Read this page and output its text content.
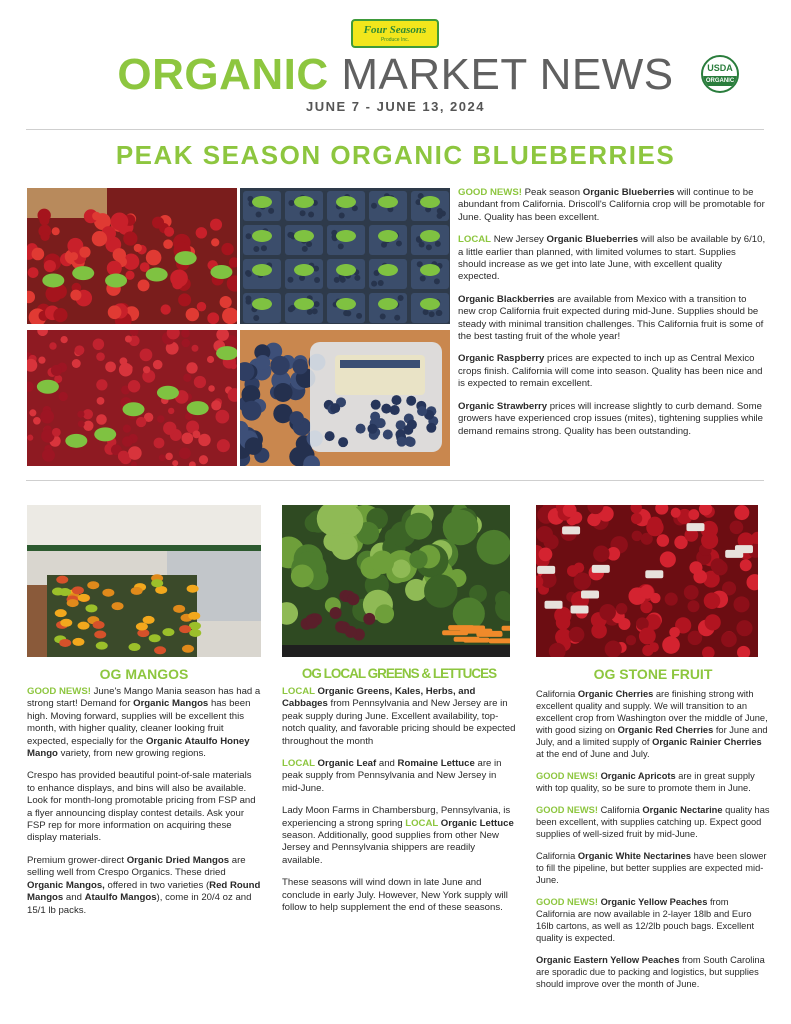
Four Seasons
Produce Inc.
ORGANIC MARKET NEWS	USDA
ORGANIC
JUNE 7 - JUNE 13, 2024
PEAK SEASON ORGANIC BLUEBERRIES

GOOD NEWS! Peak season Organic Blueberries will continue to be abundant from California. Driscoll's California crop will be promotable for June. Quality has been excellent.

LOCAL New Jersey Organic Blueberries will also be available by 6/10, a little earlier than planned, with limited volumes to start. Supplies should increase as we get into late June, with excellent quality expected.

Organic Blackberries are available from Mexico with a transition to new crop California fruit expected during mid-June. Supplies should be steady with minimal transition challenges. This California fruit is some of the best tasting fruit of the whole year!

Organic Raspberry prices are expected to inch up as Central Mexico crops finish. California will come into season. Quality has been nice and is expected to remain excellent.

Organic Strawberry prices will increase slightly to curb demand. Some growers have experienced crop issues (mites), tightening supplies while demand remains strong. Quality has been outstanding.

OG MANGOS	OG LOCAL GREENS & LETTUCES	OG STONE FRUIT

GOOD NEWS! June's Mango Mania season has had a strong start! Demand for Organic Mangos has been high. Moving forward, supplies will be excellent this month, with higher quality, cleaner looking fruit expected, especially for the Organic Ataulfo Honey Mango variety, from new growing regions.

Crespo has provided beautiful point-of-sale materials to enhance displays, and bins will also be available. Look for month-long promotable pricing from FSP and a flyer announcing display contest details. Ask your FSP rep for more information on acquiring these display materials.

Premium grower-direct Organic Dried Mangos are selling well from Crespo Organics. These dried Organic Mangos, offered in two varieties (Red Round Mangos and Ataulfo Mangos), come in 20/4 oz and 15/1 lb packs.

LOCAL Organic Greens, Kales, Herbs, and Cabbages from Pennsylvania and New Jersey are in peak supply during June. Excellent availability, top-notch quality, and favorable pricing should be expected throughout the month

LOCAL Organic Leaf and Romaine Lettuce are in peak supply from Pennsylvania and New Jersey in mid-June.

Lady Moon Farms in Chambersburg, Pennsylvania, is experiencing a strong spring LOCAL Organic Lettuce season. Additionally, good supplies from other New Jersey and Pennsylvania shippers are readily available.

These seasons will wind down in late June and conclude in early July. However, New York supply will follow to help supplement the end of these seasons.

California Organic Cherries are finishing strong with excellent quality and supply. We will transition to an excellent crop from Washington over the middle of June, with good sizing on Organic Red Cherries for June and July, and a limited supply of Organic Rainier Cherries at the end of June and July.

GOOD NEWS! Organic Apricots are in great supply with top quality, so be sure to promote them in June.

GOOD NEWS! California Organic Nectarine quality has been excellent, with supplies catching up. Expect good supplies of well-sized fruit by mid-June.

California Organic White Nectarines have been slower to fill the pipeline, but better supplies are expected mid-June.

GOOD NEWS! Organic Yellow Peaches from California are now available in 2-layer 18lb and Euro 16lb cartons, as well as 12/2lb pouch bags. Excellent quality is expected.

Organic Eastern Yellow Peaches from South Carolina are sporadic due to packing and logistics, but supplies should improve over the month of June.
